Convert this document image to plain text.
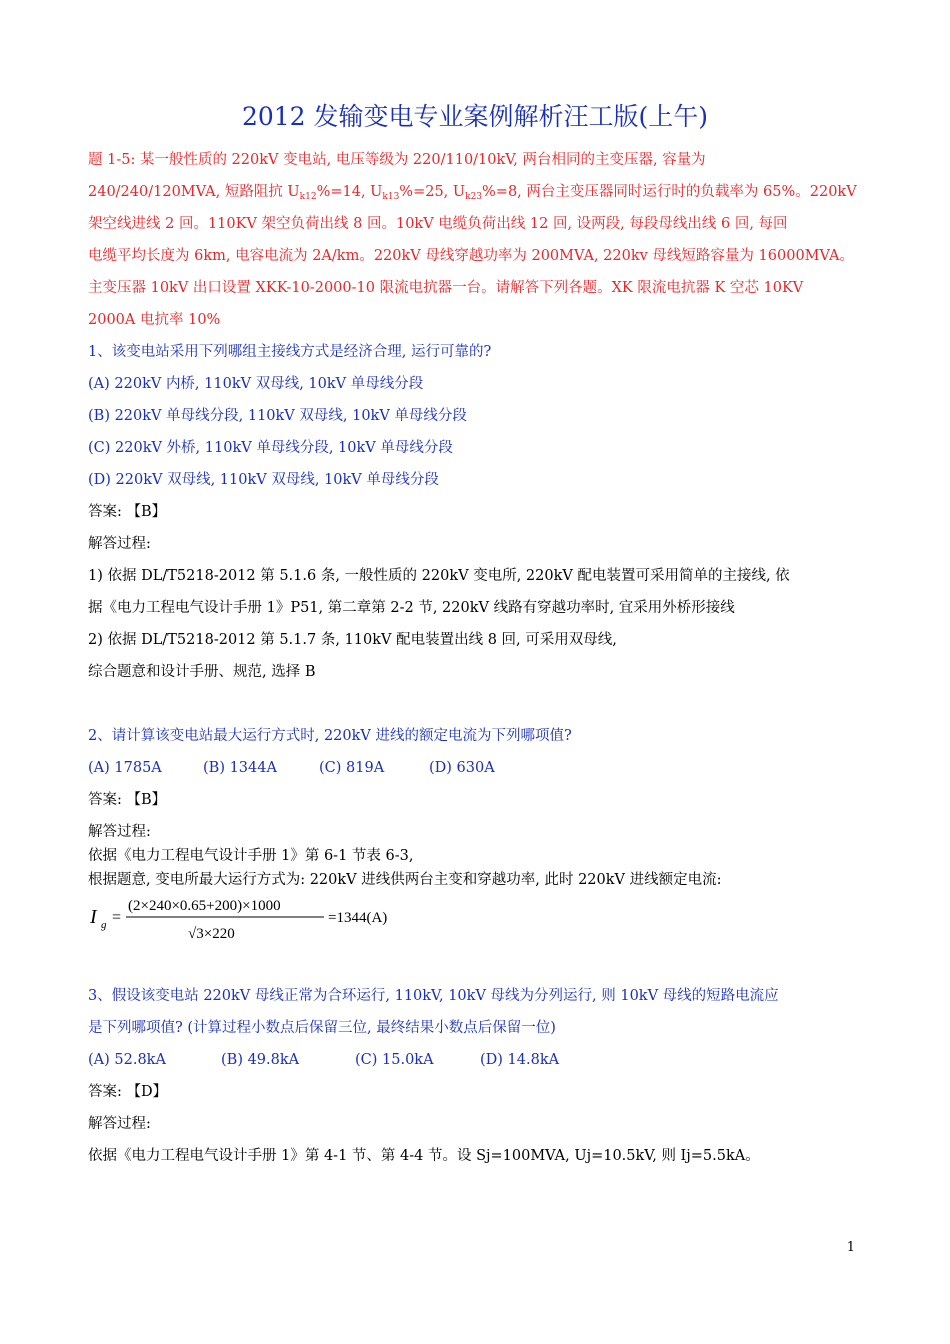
2012 发输变电专业案例解析汪工版(上午)
题 1-5: 某一般性质的 220kV 变电站, 电压等级为 220/110/10kV, 两台相同的主变压器, 容量为
240/240/120MVA, 短路阻抗 $U_{k12}\%=14$, $U_{k13}\%=25$, $U_{k23}\%=8$, 两台主变压器同时运行时的负载率为 65%。220kV
架空线进线 2 回。110KV 架空负荷出线 8 回。10kV 电缆负荷出线 12 回, 设两段, 每段母线出线 6 回, 每回
电缆平均长度为 6km, 电容电流为 2A/km。220kV 母线穿越功率为 200MVA, 220kv 母线短路容量为 16000MVA。
主变压器 10kV 出口设置 XKK-10-2000-10 限流电抗器一台。请解答下列各题。XK 限流电抗器 K 空芯 10KV
2000A 电抗率 10%
1、该变电站采用下列哪组主接线方式是经济合理, 运行可靠的?
(A) 220kV 内桥, 110kV 双母线, 10kV 单母线分段
(B) 220kV 单母线分段, 110kV 双母线, 10kV 单母线分段
(C) 220kV 外桥, 110kV 单母线分段, 10kV 单母线分段
(D) 220kV 双母线, 110kV 双母线, 10kV 单母线分段
答案: 【B】
解答过程:
1) 依据 DL/T5218-2012 第 5.1.6 条, 一般性质的 220kV 变电所, 220kV 配电装置可采用简单的主接线, 依
据《电力工程电气设计手册 1》P51, 第二章第 2-2 节, 220kV 线路有穿越功率时, 宜采用外桥形接线
2) 依据 DL/T5218-2012 第 5.1.7 条, 110kV 配电装置出线 8 回, 可采用双母线,
综合题意和设计手册、规范, 选择 B
2、请计算该变电站最大运行方式时, 220kV 进线的额定电流为下列哪项值?
(A) 1785A	(B) 1344A	(C) 819A	(D) 630A
答案: 【B】
解答过程:
依据《电力工程电气设计手册 1》第 6-1 节表 6-3,
根据题意, 变电所最大运行方式为: 220kV 进线供两台主变和穿越功率, 此时 220kV 进线额定电流:
I g =
(2×240×0.65+200)×1000
√3×220
=1344(A)
3、假设该变电站 220kV 母线正常为合环运行, 110kV, 10kV 母线为分列运行, 则 10kV 母线的短路电流应
是下列哪项值? (计算过程小数点后保留三位, 最终结果小数点后保留一位)
(A) 52.8kA	(B) 49.8kA	(C) 15.0kA	(D) 14.8kA
答案: 【D】
解答过程:
依据《电力工程电气设计手册 1》第 4-1 节、第 4-4 节。设 Sj=100MVA, Uj=10.5kV, 则 Ij=5.5kA。
1
